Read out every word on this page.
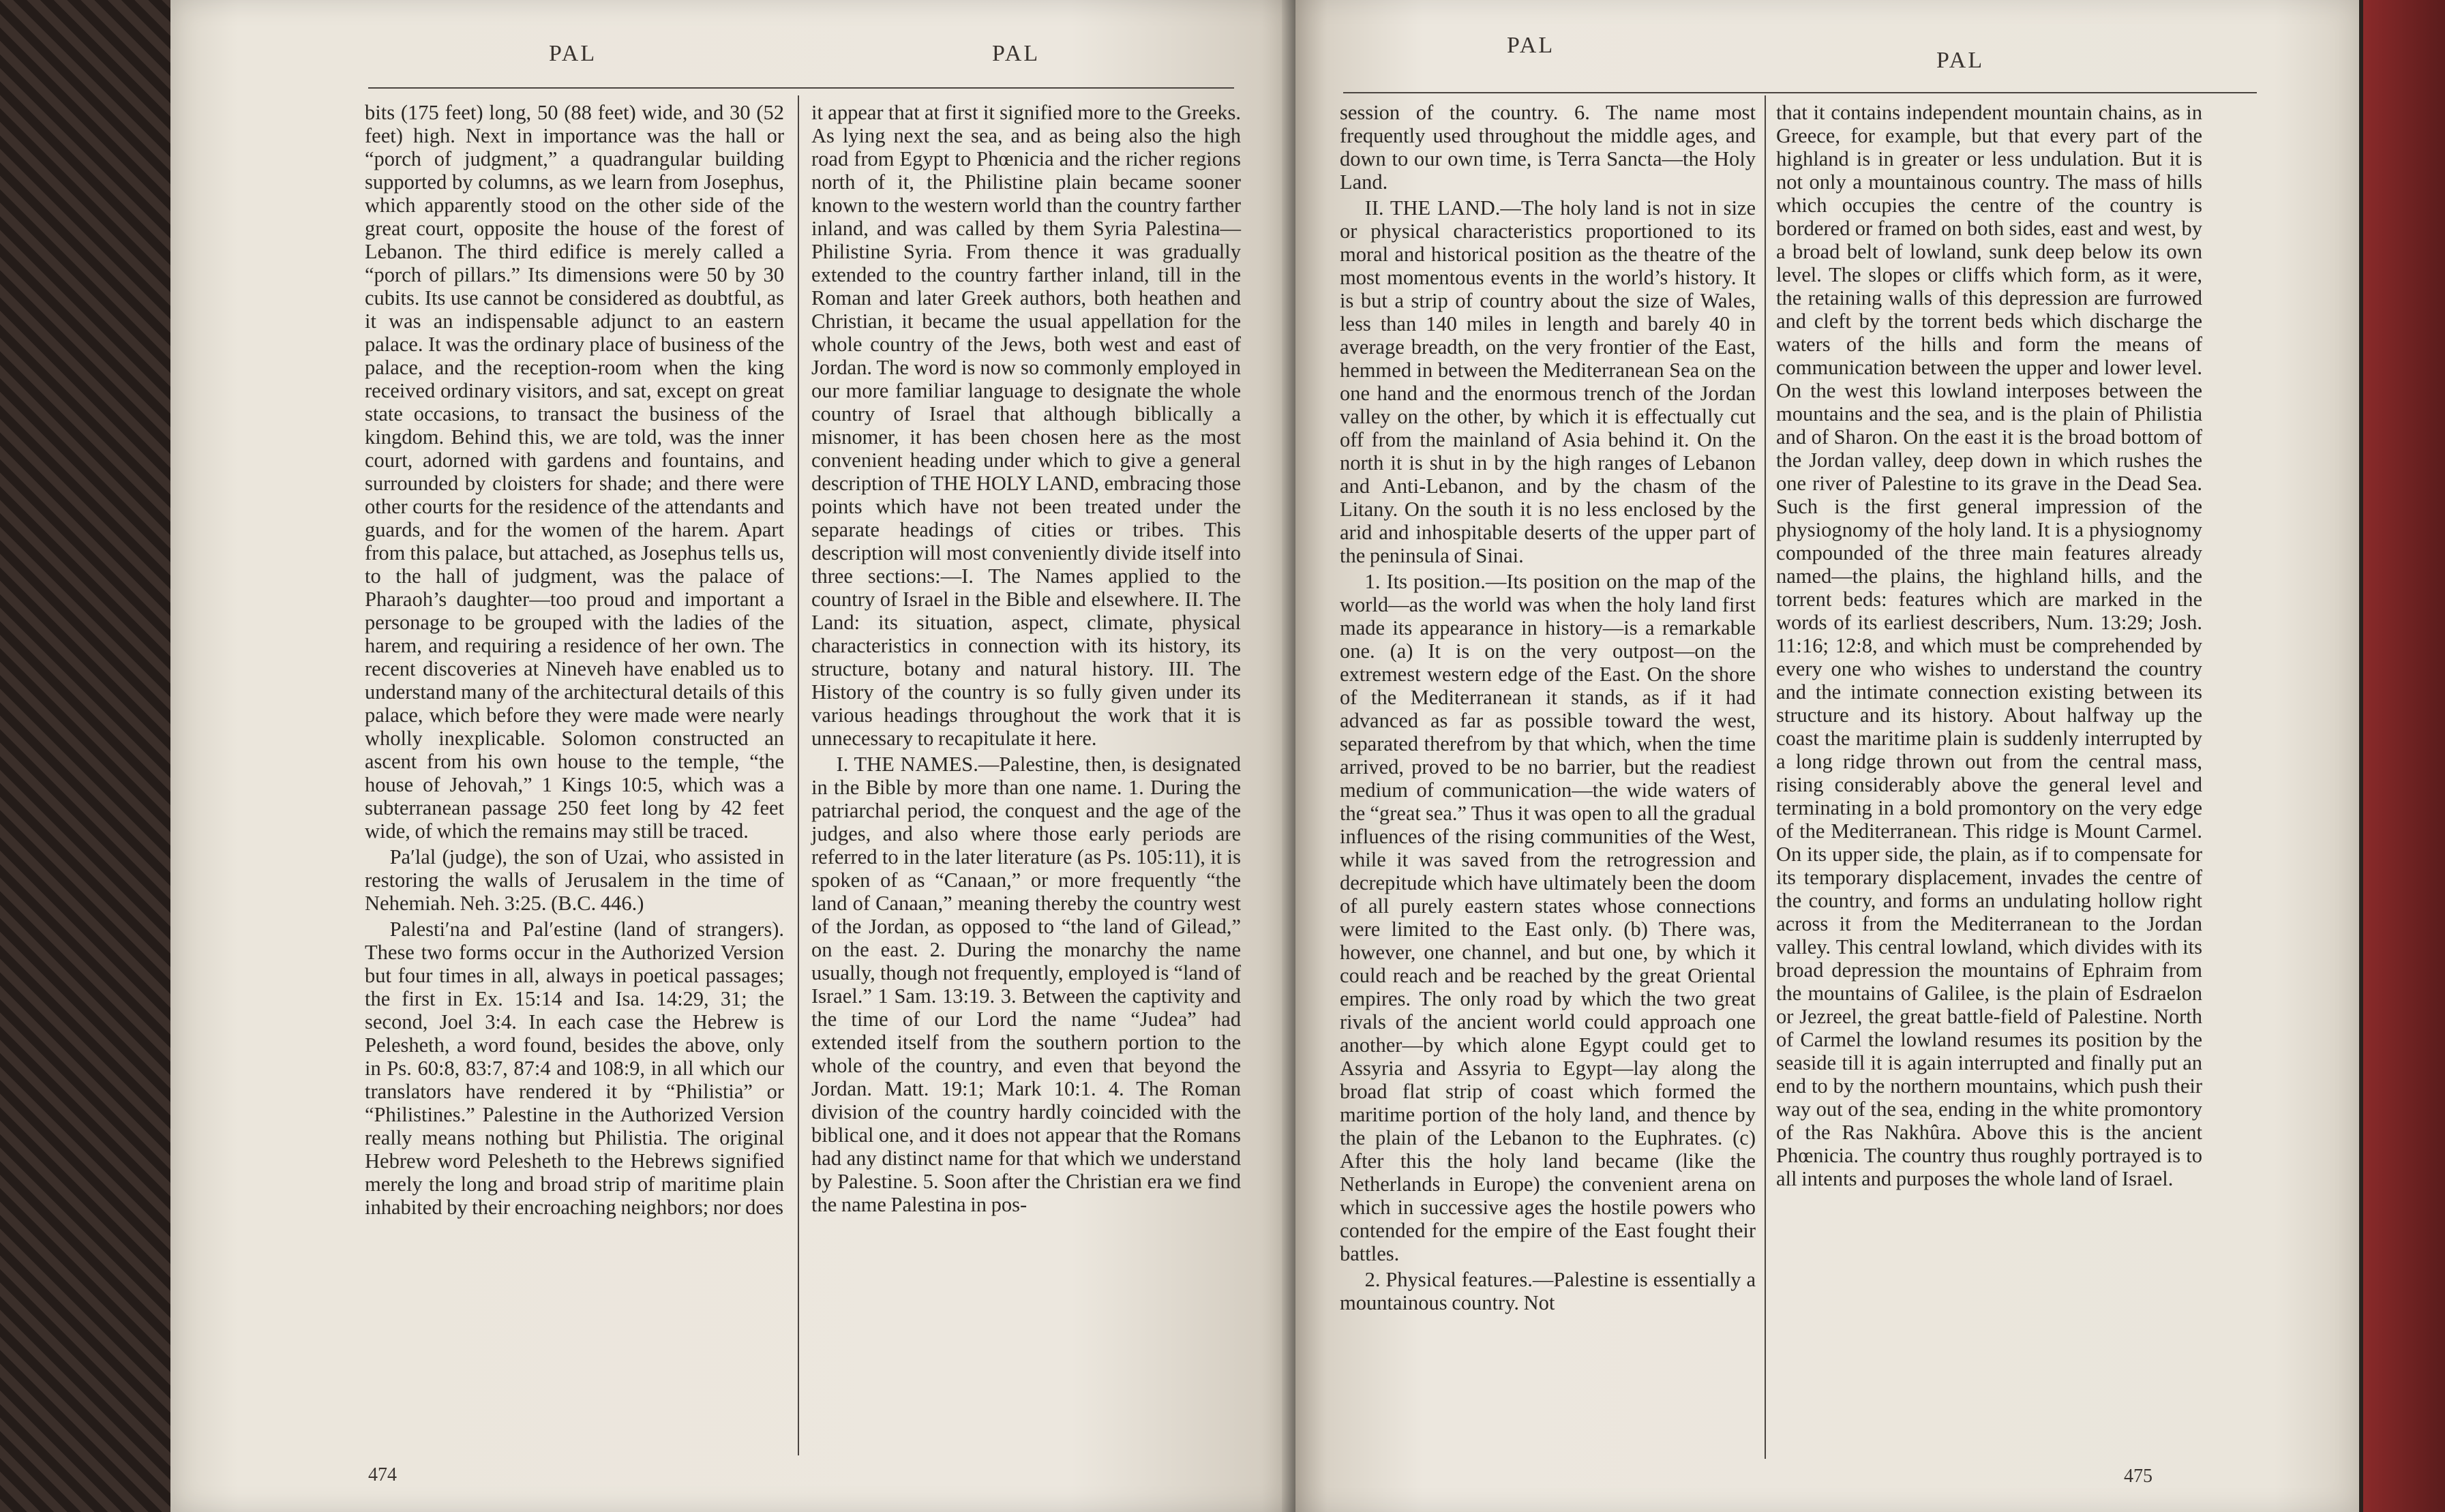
PAL	PAL

bits (175 feet) long, 50 (88 feet) wide, and 30 (52 feet) high. Next in importance was the hall or “porch of judgment,” a quadrangular building supported by columns, as we learn from Josephus, which apparently stood on the other side of the great court, opposite the house of the forest of Lebanon. The third edifice is merely called a “porch of pillars.” Its dimensions were 50 by 30 cubits. Its use cannot be considered as doubtful, as it was an indispensable adjunct to an eastern palace. It was the ordinary place of business of the palace, and the reception-room when the king received ordinary visitors, and sat, except on great state occasions, to transact the business of the kingdom. Behind this, we are told, was the inner court, adorned with gardens and fountains, and surrounded by cloisters for shade; and there were other courts for the residence of the attendants and guards, and for the women of the harem. Apart from this palace, but attached, as Josephus tells us, to the hall of judgment, was the palace of Pharaoh’s daughter—too proud and important a personage to be grouped with the ladies of the harem, and requiring a residence of her own. The recent discoveries at Nineveh have enabled us to understand many of the architectural details of this palace, which before they were made were nearly wholly inexplicable. Solomon constructed an ascent from his own house to the temple, “the house of Jehovah,” 1 Kings 10:5, which was a subterranean passage 250 feet long by 42 feet wide, of which the remains may still be traced.

Pa′lal (judge), the son of Uzai, who assisted in restoring the walls of Jerusalem in the time of Nehemiah. Neh. 3:25. (B.C. 446.)

Palesti′na and Pal′estine (land of strangers). These two forms occur in the Authorized Version but four times in all, always in poetical passages; the first in Ex. 15:14 and Isa. 14:29, 31; the second, Joel 3:4. In each case the Hebrew is Pelesheth, a word found, besides the above, only in Ps. 60:8, 83:7, 87:4 and 108:9, in all which our translators have rendered it by “Philistia” or “Philistines.” Palestine in the Authorized Version really means nothing but Philistia. The original Hebrew word Pelesheth to the Hebrews signified merely the long and broad strip of maritime plain inhabited by their encroaching neighbors; nor does

it appear that at first it signified more to the Greeks. As lying next the sea, and as being also the high road from Egypt to Phœnicia and the richer regions north of it, the Philistine plain became sooner known to the western world than the country farther inland, and was called by them Syria Palestina—Philistine Syria. From thence it was gradually extended to the country farther inland, till in the Roman and later Greek authors, both heathen and Christian, it became the usual appellation for the whole country of the Jews, both west and east of Jordan. The word is now so commonly employed in our more familiar language to designate the whole country of Israel that although biblically a misnomer, it has been chosen here as the most convenient heading under which to give a general description of THE HOLY LAND, embracing those points which have not been treated under the separate headings of cities or tribes. This description will most conveniently divide itself into three sections:—I. The Names applied to the country of Israel in the Bible and elsewhere. II. The Land: its situation, aspect, climate, physical characteristics in connection with its history, its structure, botany and natural history. III. The History of the country is so fully given under its various headings throughout the work that it is unnecessary to recapitulate it here.

I. THE NAMES.—Palestine, then, is designated in the Bible by more than one name. 1. During the patriarchal period, the conquest and the age of the judges, and also where those early periods are referred to in the later literature (as Ps. 105:11), it is spoken of as “Canaan,” or more frequently “the land of Canaan,” meaning thereby the country west of the Jordan, as opposed to “the land of Gilead,” on the east. 2. During the monarchy the name usually, though not frequently, employed is “land of Israel.” 1 Sam. 13:19. 3. Between the captivity and the time of our Lord the name “Judea” had extended itself from the southern portion to the whole of the country, and even that beyond the Jordan. Matt. 19:1; Mark 10:1. 4. The Roman division of the country hardly coincided with the biblical one, and it does not appear that the Romans had any distinct name for that which we understand by Palestine. 5. Soon after the Christian era we find the name Palestina in pos-

474
PAL
PAL

session of the country. 6. The name most frequently used throughout the middle ages, and down to our own time, is Terra Sancta—the Holy Land.

II. THE LAND.—The holy land is not in size or physical characteristics proportioned to its moral and historical position as the theatre of the most momentous events in the world’s history. It is but a strip of country about the size of Wales, less than 140 miles in length and barely 40 in average breadth, on the very frontier of the East, hemmed in between the Mediterranean Sea on the one hand and the enormous trench of the Jordan valley on the other, by which it is effectually cut off from the mainland of Asia behind it. On the north it is shut in by the high ranges of Lebanon and Anti-Lebanon, and by the chasm of the Litany. On the south it is no less enclosed by the arid and inhospitable deserts of the upper part of the peninsula of Sinai.

1. Its position.—Its position on the map of the world—as the world was when the holy land first made its appearance in history—is a remarkable one. (a) It is on the very outpost—on the extremest western edge of the East. On the shore of the Mediterranean it stands, as if it had advanced as far as possible toward the west, separated therefrom by that which, when the time arrived, proved to be no barrier, but the readiest medium of communication—the wide waters of the “great sea.” Thus it was open to all the gradual influences of the rising communities of the West, while it was saved from the retrogression and decrepitude which have ultimately been the doom of all purely eastern states whose connections were limited to the East only. (b) There was, however, one channel, and but one, by which it could reach and be reached by the great Oriental empires. The only road by which the two great rivals of the ancient world could approach one another—by which alone Egypt could get to Assyria and Assyria to Egypt—lay along the broad flat strip of coast which formed the maritime portion of the holy land, and thence by the plain of the Lebanon to the Euphrates. (c) After this the holy land became (like the Netherlands in Europe) the convenient arena on which in successive ages the hostile powers who contended for the empire of the East fought their battles.

2. Physical features.—Palestine is essentially a mountainous country. Not

that it contains independent mountain chains, as in Greece, for example, but that every part of the highland is in greater or less undulation. But it is not only a mountainous country. The mass of hills which occupies the centre of the country is bordered or framed on both sides, east and west, by a broad belt of lowland, sunk deep below its own level. The slopes or cliffs which form, as it were, the retaining walls of this depression are furrowed and cleft by the torrent beds which discharge the waters of the hills and form the means of communication between the upper and lower level. On the west this lowland interposes between the mountains and the sea, and is the plain of Philistia and of Sharon. On the east it is the broad bottom of the Jordan valley, deep down in which rushes the one river of Palestine to its grave in the Dead Sea. Such is the first general impression of the physiognomy of the holy land. It is a physiognomy compounded of the three main features already named—the plains, the highland hills, and the torrent beds: features which are marked in the words of its earliest describers, Num. 13:29; Josh. 11:16; 12:8, and which must be comprehended by every one who wishes to understand the country and the intimate connection existing between its structure and its history. About halfway up the coast the maritime plain is suddenly interrupted by a long ridge thrown out from the central mass, rising considerably above the general level and terminating in a bold promontory on the very edge of the Mediterranean. This ridge is Mount Carmel. On its upper side, the plain, as if to compensate for its temporary displacement, invades the centre of the country, and forms an undulating hollow right across it from the Mediterranean to the Jordan valley. This central lowland, which divides with its broad depression the mountains of Ephraim from the mountains of Galilee, is the plain of Esdraelon or Jezreel, the great battle-field of Palestine. North of Carmel the lowland resumes its position by the seaside till it is again interrupted and finally put an end to by the northern mountains, which push their way out of the sea, ending in the white promontory of the Ras Nakhûra. Above this is the ancient Phœnicia. The country thus roughly portrayed is to all intents and purposes the whole land of Israel.

475
